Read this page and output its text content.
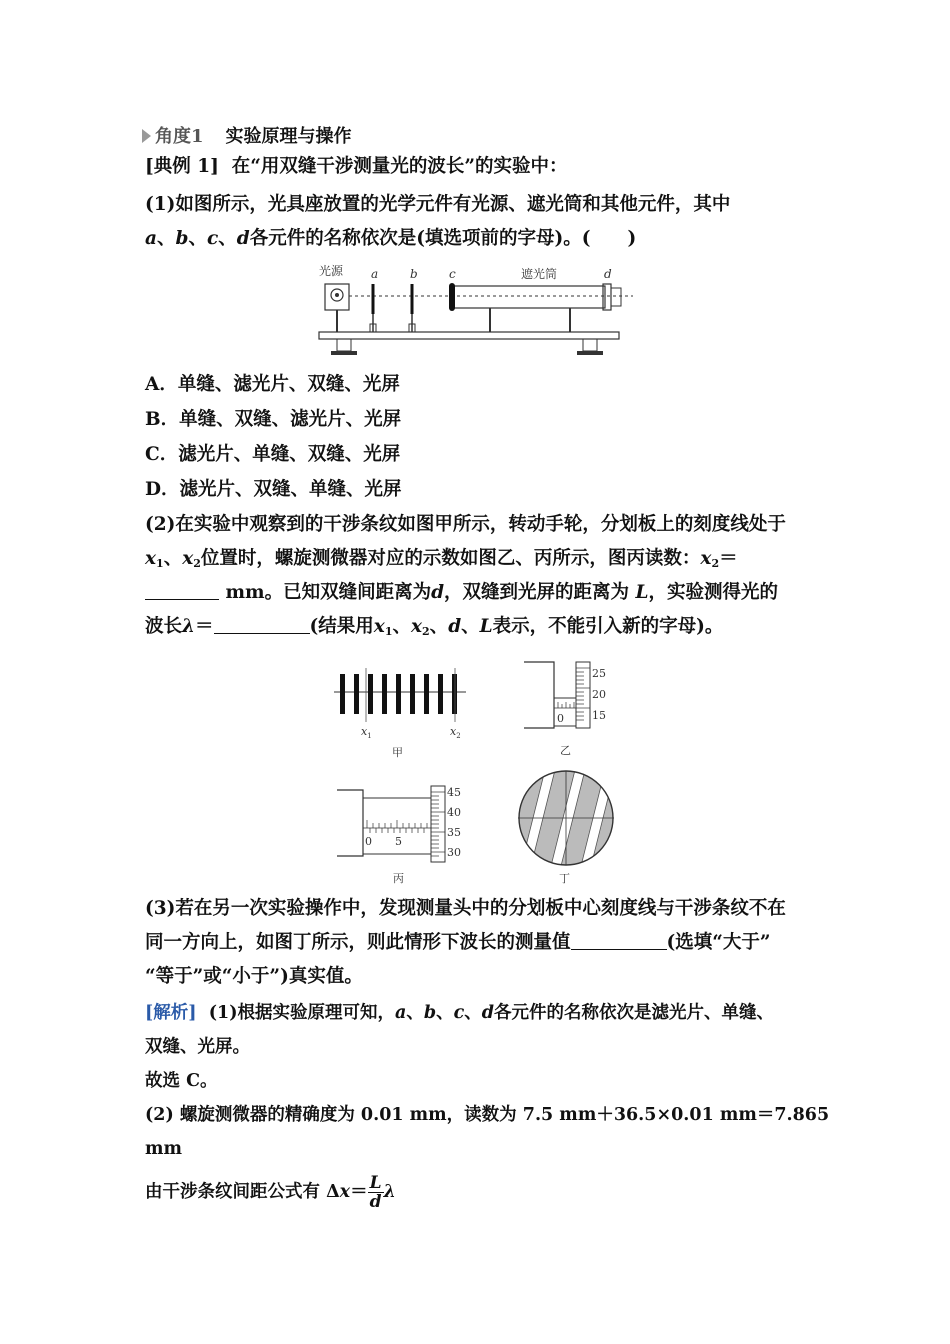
角度1 实验原理与操作
[典例 1] 在“用双缝干涉测量光的波长”的实验中：
(1)如图所示，光具座放置的光学元件有光源、遮光筒和其他元件，其中
a、b、c、d各元件的名称依次是(填选项前的字母)。(　　)
光源 a	b	c	遮光筒	d
A．单缝、滤光片、双缝、光屏
B．单缝、双缝、滤光片、光屏
C．滤光片、单缝、双缝、光屏
D．滤光片、双缝、单缝、光屏
(2)在实验中观察到的干涉条纹如图甲所示，转动手轮，分划板上的刻度线处于
$x_1$、$x_2$位置时，螺旋测微器对应的示数如图乙、丙所示，图丙读数：$x_2=$
mm。已知双缝间距离为d，双缝到光屏的距离为 L，实验测得光的
波长λ＝	(结果用$x_1$、$x_2$、d、L表示，不能引入新的字母)。
$x_1$	$x_2$
甲
25
20
15
0
乙
45
40
35
30
0 5
丙	丁
(3)若在另一次实验操作中，发现测量头中的分划板中心刻度线与干涉条纹不在
同一方向上，如图丁所示，则此情形下波长的测量值	(选填“大于”
“等于”或“小于”)真实值。
[解析] (1)根据实验原理可知，a、b、c、d各元件的名称依次是滤光片、单缝、
双缝、光屏。
故选 C。
(2) 螺旋测微器的精确度为 0.01 mm，读数为 7.5 mm＋36.5×0.01 mm＝7.865
mm
由干涉条纹间距公式有 $\Delta x= \frac{L}{d}$ λ
